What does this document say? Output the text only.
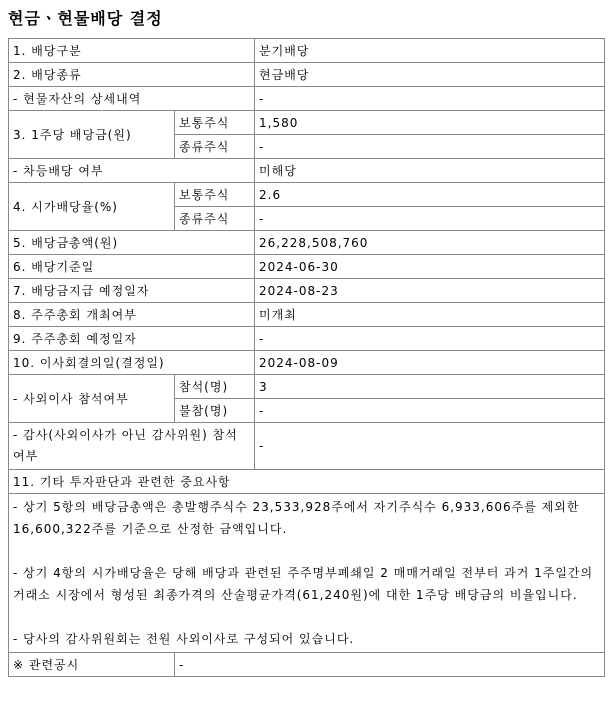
현금ㆍ현물배당 결정
1. 배당구분		분기배당
2. 배당종류		현금배당
- 현물자산의 상세내역		-
3. 1주당 배당금(원)	보통주식	1,580
	종류주식	-
- 차등배당 여부		미해당
4. 시가배당율(%)	보통주식	2.6
	종류주식	-
5. 배당금총액(원)		26,228,508,760
6. 배당기준일		2024-06-30
7. 배당금지급 예정일자		2024-08-23
8. 주주총회 개최여부		미개최
9. 주주총회 예정일자		-
10. 이사회결의일(결정일)		2024-08-09
- 사외이사 참석여부	참석(명)	3
	불참(명)	-
- 감사(사외이사가 아닌 감사위원) 참석여부		-
11. 기타 투자판단과 관련한 중요사항		

- 상기 5항의 배당금총액은 총발행주식수 23,533,928주에서 자기주식수 6,933,606주를 제외한 16,600,322주를 기준으로 산정한 금액입니다.

- 상기 4항의 시가배당율은 당해 배당과 관련된 주주명부폐쇄일 2 매매거래일 전부터 과거 1주일간의 거래소 시장에서 형성된 최종가격의 산술평균가격(61,240원)에 대한 1주당 배당금의 비율입니다.

- 당사의 감사위원회는 전원 사외이사로 구성되어 있습니다.		

※ 관련공시	-	
